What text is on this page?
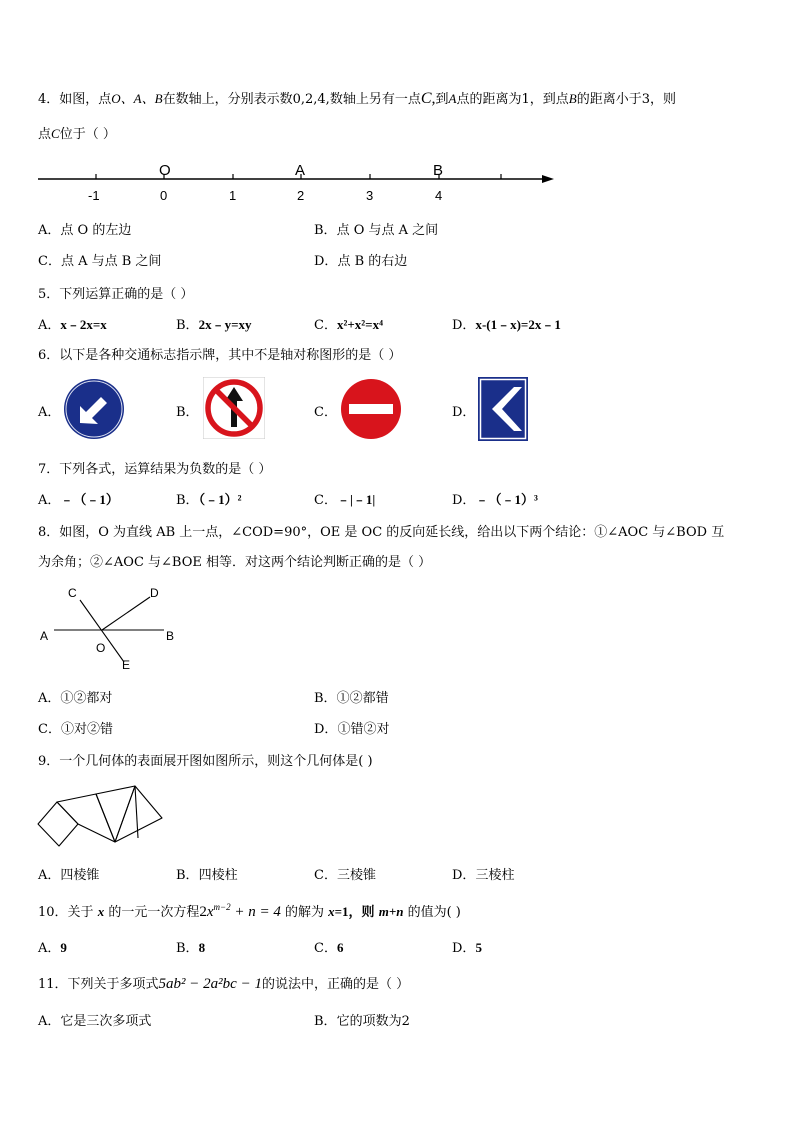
4．如图，点O、A、B在数轴上，分别表示数0,2,4,数轴上另有一点C,到A点的距离为1，到点B的距离小于3，则
点C位于（ ）
O	A	B
-1	0	1	2	3	4
A．点 O 的左边	B．点 O 与点 A 之间
C．点 A 与点 B 之间	D．点 B 的右边
5．下列运算正确的是（ ）
A．x﹣2x=x	B．2x﹣y=xy	C．x²+x²=x⁴	D．x-(1﹣x)=2x﹣1
6．以下是各种交通标志指示牌，其中不是轴对称图形的是（ ）
A．	B．	C．	D．
7．下列各式，运算结果为负数的是（ ）
A．﹣（﹣1）	B．（﹣1）²	C．﹣|﹣1|	D．﹣（﹣1）³
8．如图，O 为直线 AB 上一点，∠COD=90°，OE 是 OC 的反向延长线，给出以下两个结论：①∠AOC 与∠BOD 互
为余角；②∠AOC 与∠BOE 相等．对这两个结论判断正确的是（ ）
C	D
A	B
O
E
A．①②都对	B．①②都错
C．①对②错	D．①错②对
9．一个几何体的表面展开图如图所示，则这个几何体是( )
A．四棱锥	B．四棱柱	C．三棱锥	D．三棱柱
10．关于 x 的一元一次方程$2x^{m-2} + n = 4$ 的解为 x=1，则 m+n 的值为( )
A．9	B．8	C．6	D．5
11．下列关于多项式5ab² − 2a²bc − 1的说法中，正确的是（ ）
A．它是三次多项式	B．它的项数为2
